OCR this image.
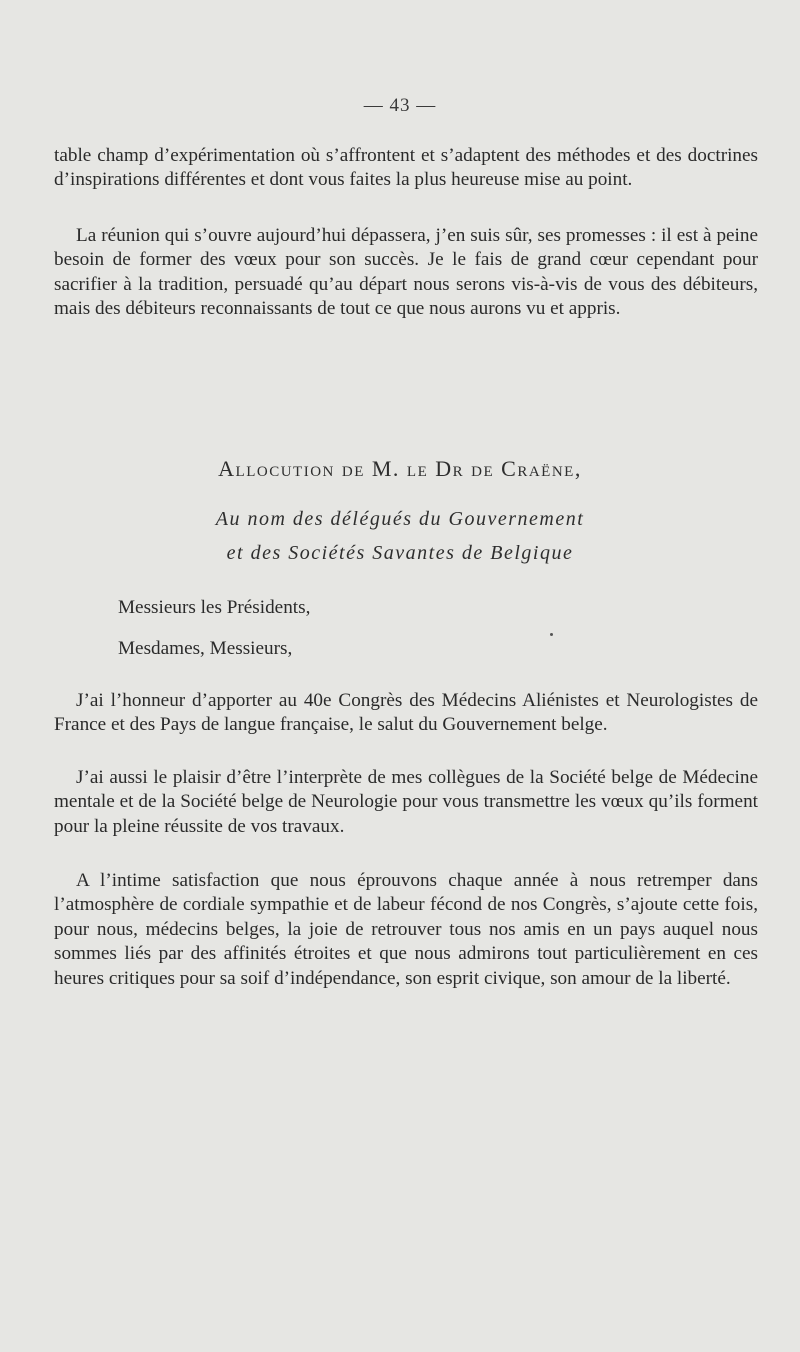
— 43 —

table champ d’expérimentation où s’affrontent et s’adaptent des méthodes et des doctrines d’inspirations différentes et dont vous faites la plus heureuse mise au point.

La réunion qui s’ouvre aujourd’hui dépassera, j’en suis sûr, ses promesses : il est à peine besoin de former des vœux pour son succès. Je le fais de grand cœur cependant pour sacrifier à la tradition, persuadé qu’au départ nous serons vis-à-vis de vous des débiteurs, mais des débiteurs reconnaissants de tout ce que nous aurons vu et appris.

Allocution de M. le Dr de Craëne,
Au nom des délégués du Gouvernement
et des Sociétés Savantes de Belgique
Messieurs les Présidents,
Mesdames, Messieurs,

J’ai l’honneur d’apporter au 40e Congrès des Médecins Aliénistes et Neurologistes de France et des Pays de langue française, le salut du Gouvernement belge.

J’ai aussi le plaisir d’être l’interprète de mes collègues de la Société belge de Médecine mentale et de la Société belge de Neurologie pour vous transmettre les vœux qu’ils forment pour la pleine réussite de vos travaux.

A l’intime satisfaction que nous éprouvons chaque année à nous retremper dans l’atmosphère de cordiale sympathie et de labeur fécond de nos Congrès, s’ajoute cette fois, pour nous, médecins belges, la joie de retrouver tous nos amis en un pays auquel nous sommes liés par des affinités étroites et que nous admirons tout particulièrement en ces heures critiques pour sa soif d’indépendance, son esprit civique, son amour de la liberté.
